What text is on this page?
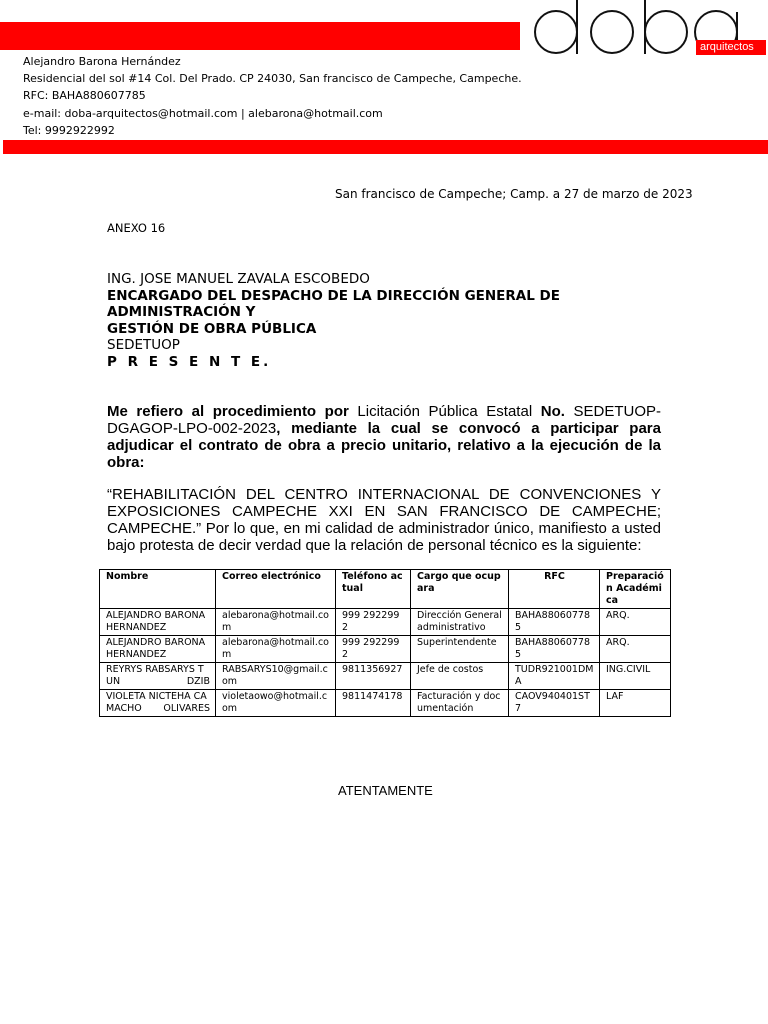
arquitectos
Alejandro Barona Hernández
Residencial del sol #14 Col. Del Prado. CP 24030, San francisco de Campeche, Campeche.
RFC: BAHA880607785
e-mail: doba-arquitectos@hotmail.com | alebarona@hotmail.com
Tel: 9992922992
San francisco de Campeche; Camp. a 27 de marzo de 2023
ANEXO 16
ING. JOSE MANUEL ZAVALA ESCOBEDO
ENCARGADO DEL DESPACHO DE LA DIRECCIÓN GENERAL DE ADMINISTRACIÓN Y
GESTIÓN DE OBRA PÚBLICA
SEDETUOP
P R E S E N T E.
Me refiero al procedimiento por Licitación Pública Estatal No. SEDETUOP-DGAGOP-LPO-002-2023, mediante la cual se convocó a participar para adjudicar el contrato de obra a precio unitario, relativo a la ejecución de la obra:
“REHABILITACIÓN DEL CENTRO INTERNACIONAL DE CONVENCIONES Y EXPOSICIONES CAMPECHE XXI EN SAN FRANCISCO DE CAMPECHE; CAMPECHE.” Por lo que, en mi calidad de administrador único, manifiesto a usted bajo protesta de decir verdad que la relación de personal técnico es la siguiente:
Nombre	Correo electrónico	Teléfono actual	Cargo que ocupara	RFC	Preparación Académica
ALEJANDRO BARONA HERNANDEZ	alebarona@hotmail.com	999 2922992	Dirección General administrativo	BAHA880607785	ARQ.
ALEJANDRO BARONA HERNANDEZ	alebarona@hotmail.com	999 2922992	Superintendente	BAHA880607785	ARQ.
REYRYS RABSARYS TUN DZIB	RABSARYS10@gmail.com	9811356927	Jefe de costos	TUDR921001DMA	ING.CIVIL
VIOLETA NICTEHA CAMACHO OLIVARES	violetaowo@hotmail.com	9811474178	Facturación y documentación	CAOV940401ST7	LAF
ATENTAMENTE
